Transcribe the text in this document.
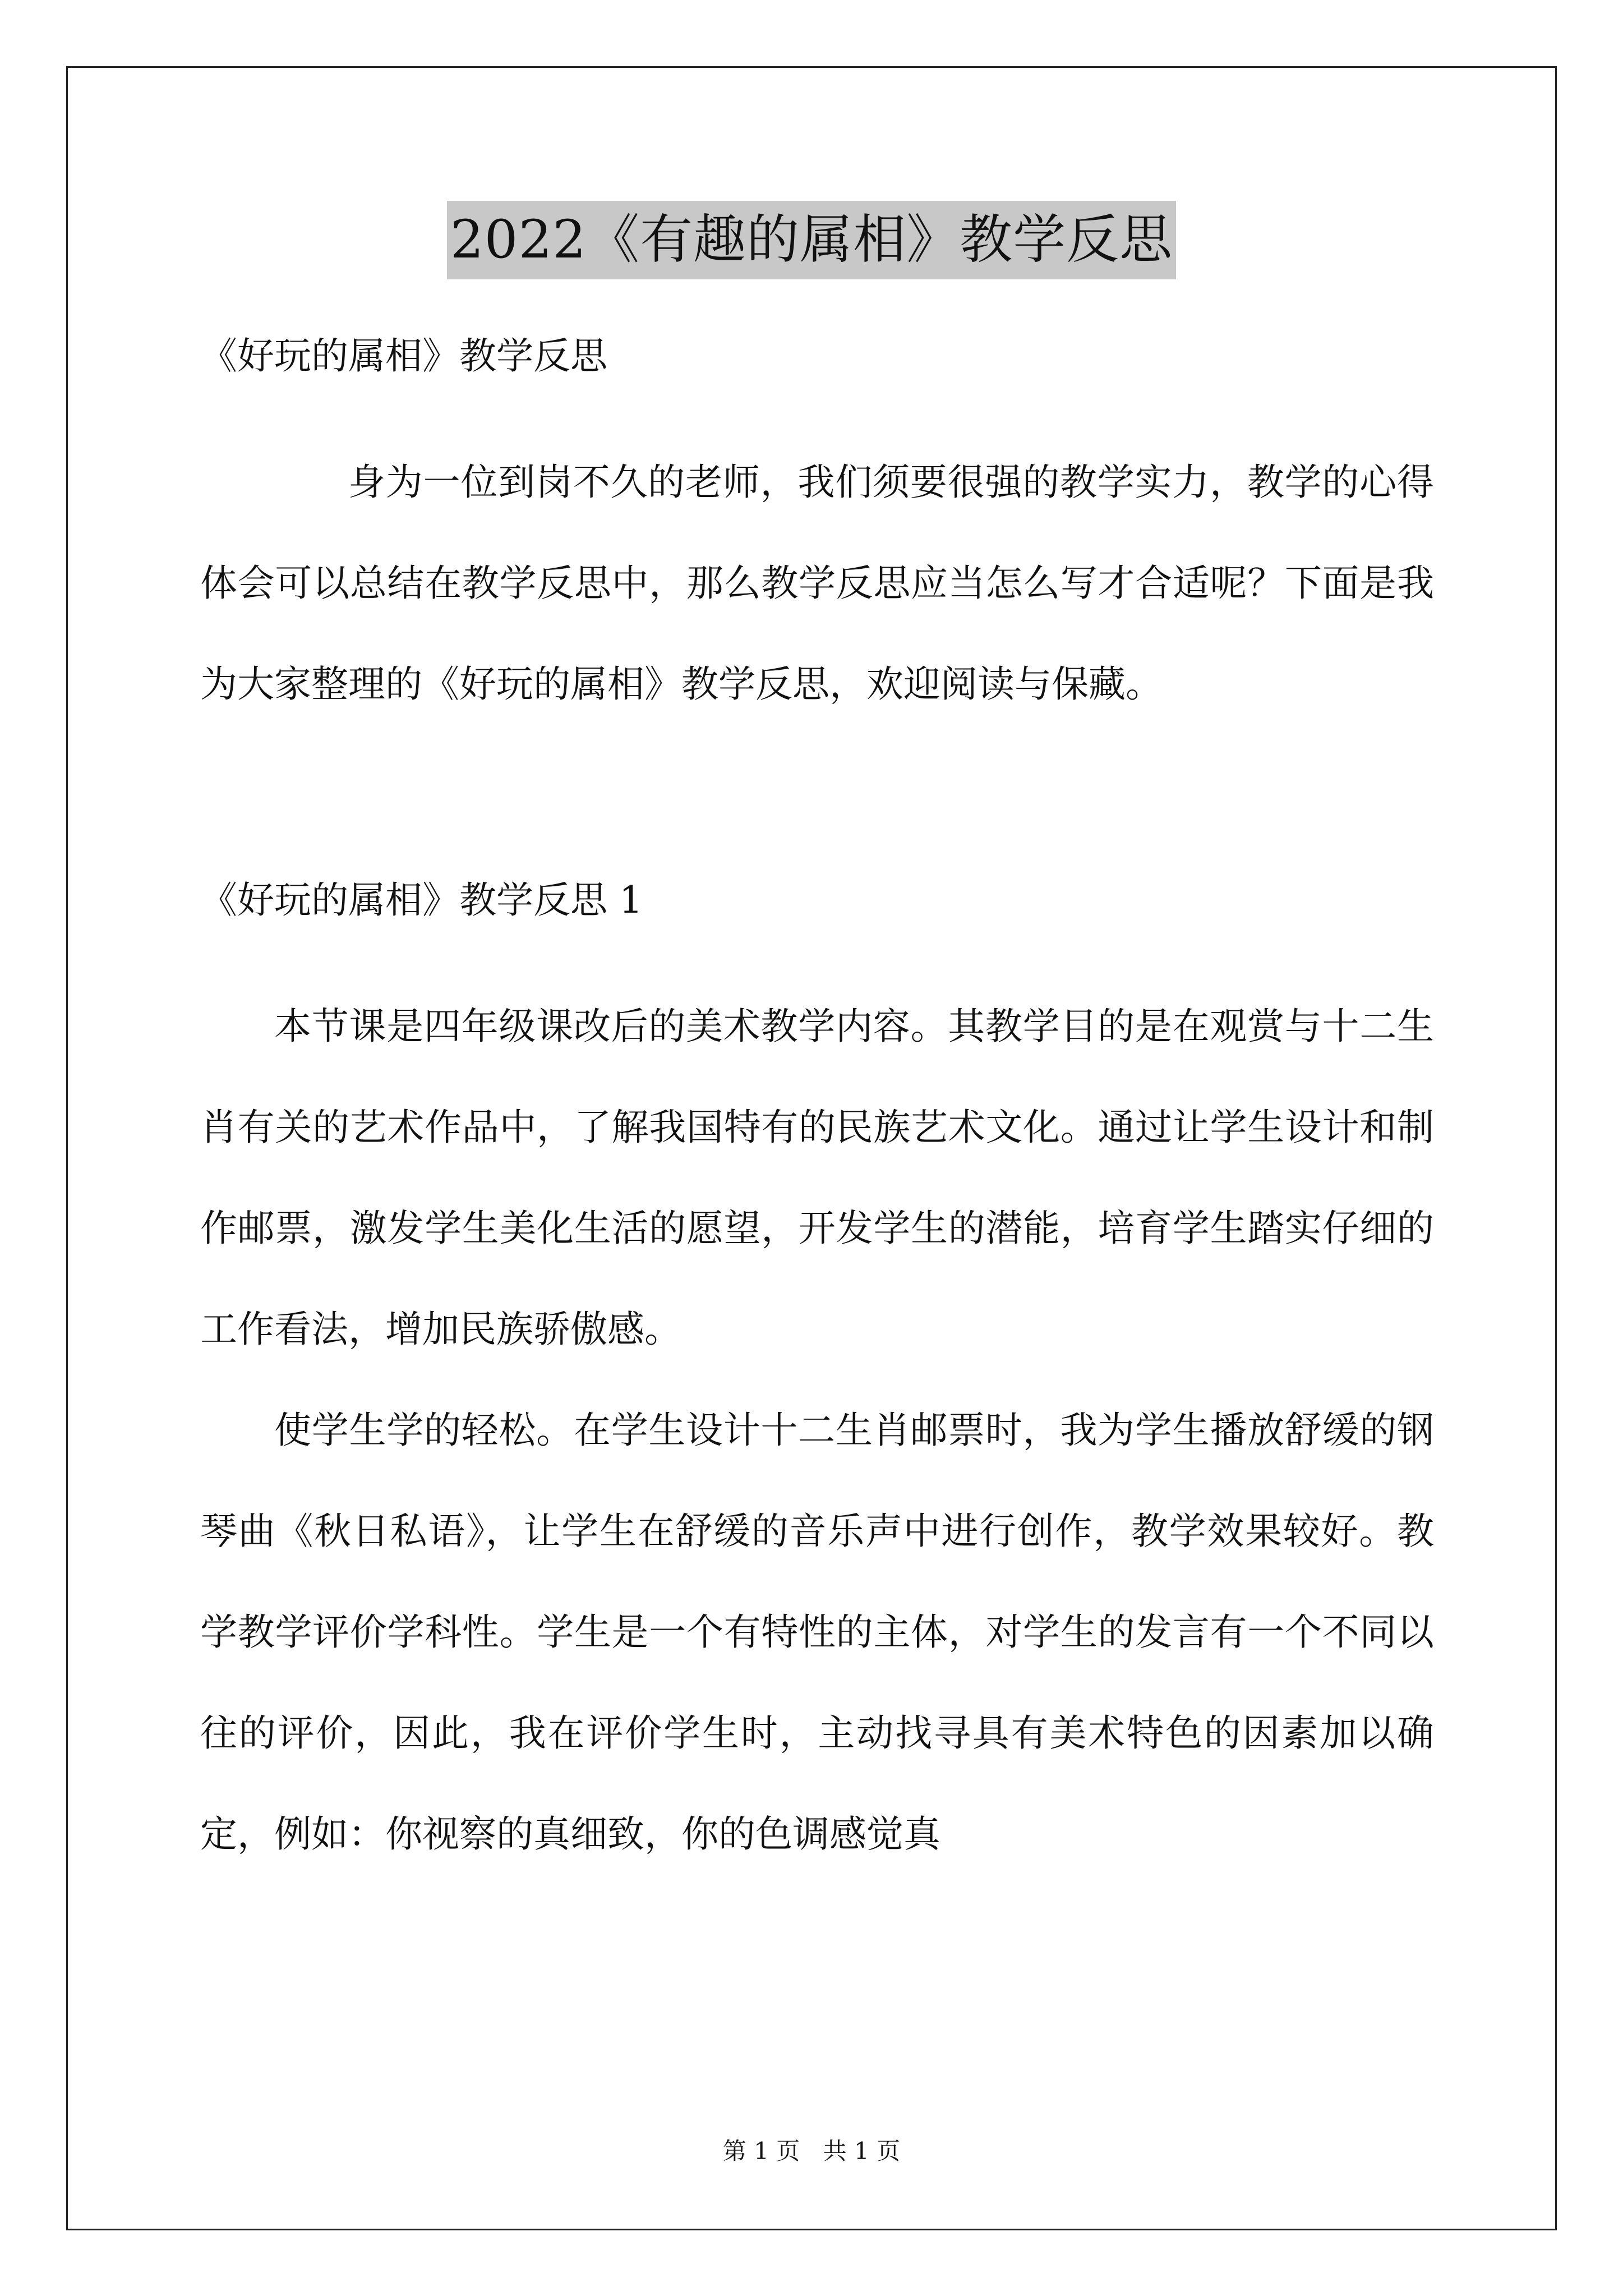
2022《有趣的属相》教学反思

《好玩的属相》教学反思

身为一位到岗不久的老师，我们须要很强的教学实力，教学的心得体会可以总结在教学反思中，那么教学反思应当怎么写才合适呢？下面是我为大家整理的《好玩的属相》教学反思，欢迎阅读与保藏。

《好玩的属相》教学反思 1

本节课是四年级课改后的美术教学内容。其教学目的是在观赏与十二生肖有关的艺术作品中，了解我国特有的民族艺术文化。通过让学生设计和制作邮票，激发学生美化生活的愿望，开发学生的潜能，培育学生踏实仔细的工作看法，增加民族骄傲感。

使学生学的轻松。在学生设计十二生肖邮票时，我为学生播放舒缓的钢琴曲《秋日私语》，让学生在舒缓的音乐声中进行创作，教学效果较好。教学教学评价学科性。学生是一个有特性的主体，对学生的发言有一个不同以往的评价，因此，我在评价学生时，主动找寻具有美术特色的因素加以确定，例如：你视察的真细致，你的色调感觉真

第 1 页 共 1 页
